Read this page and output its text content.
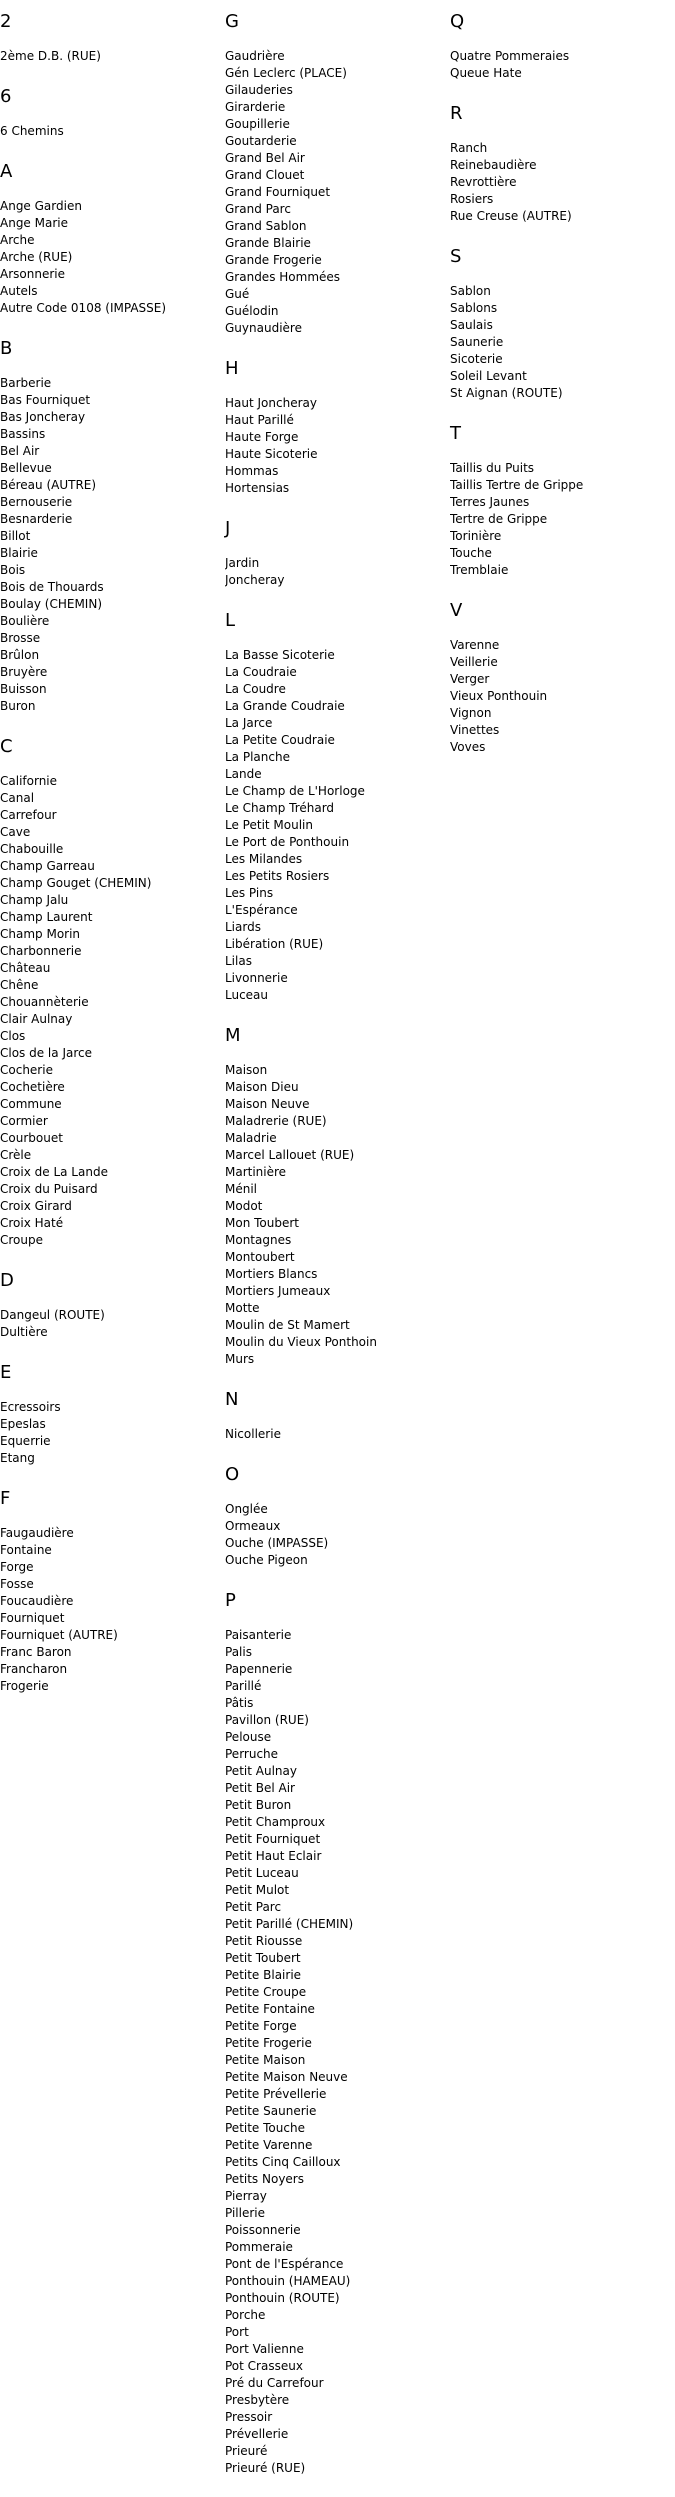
2
2ème D.B. (RUE)
6
6 Chemins
A
Ange Gardien
Ange Marie
Arche
Arche (RUE)
Arsonnerie
Autels
Autre Code 0108 (IMPASSE)
B
Barberie
Bas Fourniquet
Bas Joncheray
Bassins
Bel Air
Bellevue
Béreau (AUTRE)
Bernouserie
Besnarderie
Billot
Blairie
Bois
Bois de Thouards
Boulay (CHEMIN)
Boulière
Brosse
Brûlon
Bruyère
Buisson
Buron
C
Californie
Canal
Carrefour
Cave
Chabouille
Champ Garreau
Champ Gouget (CHEMIN)
Champ Jalu
Champ Laurent
Champ Morin
Charbonnerie
Château
Chêne
Chouannèterie
Clair Aulnay
Clos
Clos de la Jarce
Cocherie
Cochetière
Commune
Cormier
Courbouet
Crèle
Croix de La Lande
Croix du Puisard
Croix Girard
Croix Haté
Croupe
D
Dangeul (ROUTE)
Dultière
E
Ecressoirs
Epeslas
Equerrie
Etang
F
Faugaudière
Fontaine
Forge
Fosse
Foucaudière
Fourniquet
Fourniquet (AUTRE)
Franc Baron
Francharon
Frogerie
G
Gaudrière
Gén Leclerc (PLACE)
Gilauderies
Girarderie
Goupillerie
Goutarderie
Grand Bel Air
Grand Clouet
Grand Fourniquet
Grand Parc
Grand Sablon
Grande Blairie
Grande Frogerie
Grandes Hommées
Gué
Guélodin
Guynaudière
H
Haut Joncheray
Haut Parillé
Haute Forge
Haute Sicoterie
Hommas
Hortensias
J
Jardin
Joncheray
L
La Basse Sicoterie
La Coudraie
La Coudre
La Grande Coudraie
La Jarce
La Petite Coudraie
La Planche
Lande
Le Champ de L'Horloge
Le Champ Tréhard
Le Petit Moulin
Le Port de Ponthouin
Les Milandes
Les Petits Rosiers
Les Pins
L'Espérance
Liards
Libération (RUE)
Lilas
Livonnerie
Luceau
M
Maison
Maison Dieu
Maison Neuve
Maladrerie (RUE)
Maladrie
Marcel Lallouet (RUE)
Martinière
Ménil
Modot
Mon Toubert
Montagnes
Montoubert
Mortiers Blancs
Mortiers Jumeaux
Motte
Moulin de St Mamert
Moulin du Vieux Ponthoin
Murs
N
Nicollerie
O
Onglée
Ormeaux
Ouche (IMPASSE)
Ouche Pigeon
P
Paisanterie
Palis
Papennerie
Parillé
Pâtis
Pavillon (RUE)
Pelouse
Perruche
Petit Aulnay
Petit Bel Air
Petit Buron
Petit Champroux
Petit Fourniquet
Petit Haut Eclair
Petit Luceau
Petit Mulot
Petit Parc
Petit Parillé (CHEMIN)
Petit Riousse
Petit Toubert
Petite Blairie
Petite Croupe
Petite Fontaine
Petite Forge
Petite Frogerie
Petite Maison
Petite Maison Neuve
Petite Prévellerie
Petite Saunerie
Petite Touche
Petite Varenne
Petits Cinq Cailloux
Petits Noyers
Pierray
Pillerie
Poissonnerie
Pommeraie
Pont de l'Espérance
Ponthouin (HAMEAU)
Ponthouin (ROUTE)
Porche
Port
Port Valienne
Pot Crasseux
Pré du Carrefour
Presbytère
Pressoir
Prévellerie
Prieuré
Prieuré (RUE)
Q
Quatre Pommeraies
Queue Hate
R
Ranch
Reinebaudière
Revrottière
Rosiers
Rue Creuse (AUTRE)
S
Sablon
Sablons
Saulais
Saunerie
Sicoterie
Soleil Levant
St Aignan (ROUTE)
T
Taillis du Puits
Taillis Tertre de Grippe
Terres Jaunes
Tertre de Grippe
Torinière
Touche
Tremblaie
V
Varenne
Veillerie
Verger
Vieux Ponthouin
Vignon
Vinettes
Voves
